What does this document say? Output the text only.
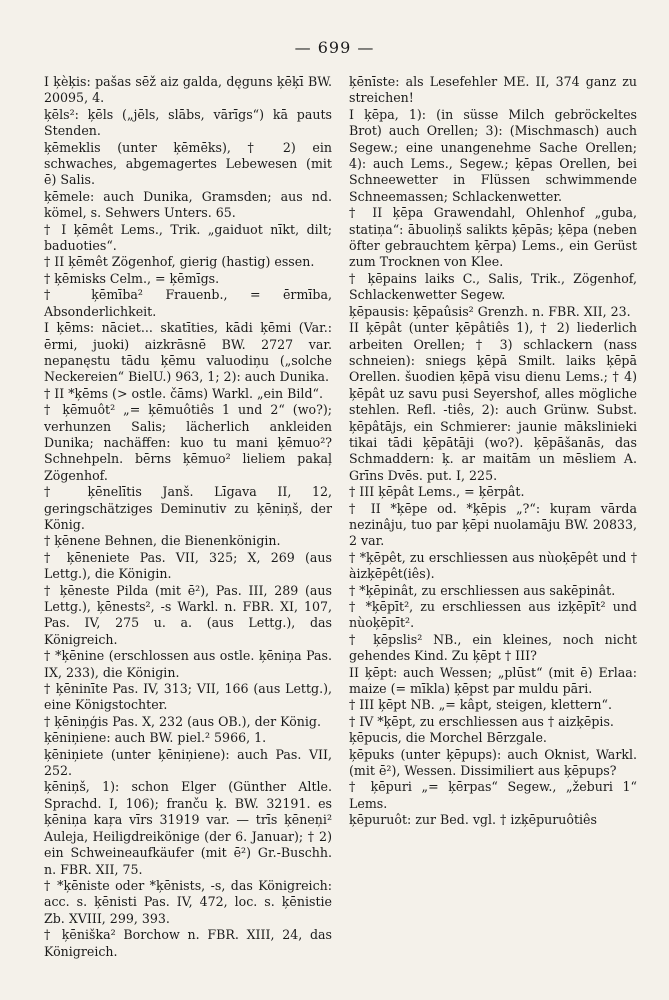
— 699 —

I ķèķis: pašas sēž aiz galda, dęguns ķēķī BW. 20095, 4.

ķēls²: ķēls („jēls, slābs, vārīgs“) kā pauts Stenden.

ķēmeklis (unter ķēmēks), † 2) ein schwaches, abgemagertes Lebewesen (mit ē) Salis.

ķēmele: auch Dunika, Gramsden; aus nd. kömel, s. Sehwers Unters. 65.

† I ķēmêt Lems., Trik. „gaiduot nīkt, dilt; baduoties“.

† II ķēmêt Zögenhof, gierig (hastig) essen.

† ķēmisks Celm., = ķēmīgs.

† ķēmība² Frauenb., = ērmība, Absonderlichkeit.

I ķēms: nāciet... skatīties, kādi ķēmi (Var.: ērmi, juoki) aizkrāsnē BW. 2727 var. nepanęstu tādu ķēmu valuodiņu („solche Neckereien“ BielU.) 963, 1; 2): auch Dunika.

† II *ķēms (> ostle. čāms) Warkl. „ein Bild“.

† ķēmuôt² „= ķēmuôtiês 1 und 2“ (wo?); verhunzen Salis; lächerlich ankleiden Dunika; nachäffen: kuo tu mani ķēmuo²? Schnehpeln. bērns ķēmuo² lieliem pakaļ Zögenhof.

† ķēnelītis Janš. Līgava II, 12, geringschätziges Deminutiv zu ķēniņš, der König.

† ķēnene Behnen, die Bienenkönigin.

† ķēneniete Pas. VII, 325; X, 269 (aus Lettg.), die Königin.

† ķēneste Pilda (mit ē²), Pas. III, 289 (aus Lettg.), ķēnests², -s Warkl. n. FBR. XI, 107, Pas. IV, 275 u. a. (aus Lettg.), das Königreich.

† *ķēnine (erschlossen aus ostle. ķēniņa Pas. IX, 233), die Königin.

† ķēninīte Pas. IV, 313; VII, 166 (aus Lettg.), eine Königstochter.

† ķēniņģis Pas. X, 232 (aus OB.), der König.

ķēniņiene: auch BW. piel.² 5966, 1.

ķēniņiete (unter ķēniņiene): auch Pas. VII, 252.

ķēniņš, 1): schon Elger (Günther Altle. Sprachd. I, 106); franču ķ. BW. 32191. es ķēniņa kaŗa vīrs 31919 var. — trīs ķēneņi² Auleja, Heiligdreikönige (der 6. Januar); † 2) ein Schweineaufkäufer (mit ē²) Gr.-Buschh. n. FBR. XII, 75.

† *ķēniste oder *ķēnists, -s, das Königreich: acc. s. ķēnisti Pas. IV, 472, loc. s. ķēnistie Zb. XVIII, 299, 393.

† ķēniška² Borchow n. FBR. XIII, 24, das Königreich.

ķēnīste: als Lesefehler ME. II, 374 ganz zu streichen!

I ķēpa, 1): (in süsse Milch gebröckeltes Brot) auch Orellen; 3): (Mischmasch) auch Segew.; eine unangenehme Sache Orellen; 4): auch Lems., Segew.; ķēpas Orellen, bei Schneewetter in Flüssen schwimmende Schneemassen; Schlackenwetter.

† II ķēpa Grawendahl, Ohlenhof „guba, statiņa“: ābuoliņš salikts ķēpās; ķēpa (neben öfter gebrauchtem ķērpa) Lems., ein Gerüst zum Trocknen von Klee.

† ķēpains laiks C., Salis, Trik., Zögenhof, Schlackenwetter Segew.

ķēpausis: ķēpaûsis² Grenzh. n. FBR. XII, 23.

II ķēpât (unter ķēpâtiês 1), † 2) liederlich arbeiten Orellen; † 3) schlackern (nass schneien): sniegs ķēpā Smilt. laiks ķēpā Orellen. šuodien ķēpā visu dienu Lems.; † 4) ķēpât uz savu pusi Seyershof, alles mögliche stehlen. Refl. -tiês, 2): auch Grünw. Subst. ķēpâtājs, ein Schmierer: jaunie mākslinieki tikai tādi ķēpātāji (wo?). ķēpāšanās, das Schmaddern: ķ. ar maitām un mēsliem A. Grīns Dvēs. put. I, 225.

† III ķēpât Lems., = ķērpât.

† II *ķēpe od. *ķēpis „?“: kuŗam vārda nezinâju, tuo par ķēpi nuolamāju BW. 20833, 2 var.

† *ķēpêt, zu erschliessen aus nùoķēpêt und † àizķēpêt(iês).

† *ķēpinât, zu erschliessen aus sakēpinât.

† *ķēpīt², zu erschliessen aus izķēpīt² und nùoķēpīt².

† ķēpslis² NB., ein kleines, noch nicht gehendes Kind. Zu ķēpt † III?

II ķēpt: auch Wessen; „plūst“ (mit ē) Erlaa: maize (= mīkla) ķēpst par muldu pāri.

† III ķēpt NB. „= kâpt, steigen, klettern“.

† IV *ķēpt, zu erschliessen aus † aizķēpis.

ķēpucis, die Morchel Bērzgale.

ķēpuks (unter ķēpups): auch Oknist, Warkl. (mit ē²), Wessen. Dissimiliert aus ķēpups?

† ķēpuri „= ķērpas“ Segew., „žeburi 1“ Lems.

ķēpuruôt: zur Bed. vgl. † izķēpuruôtiês
